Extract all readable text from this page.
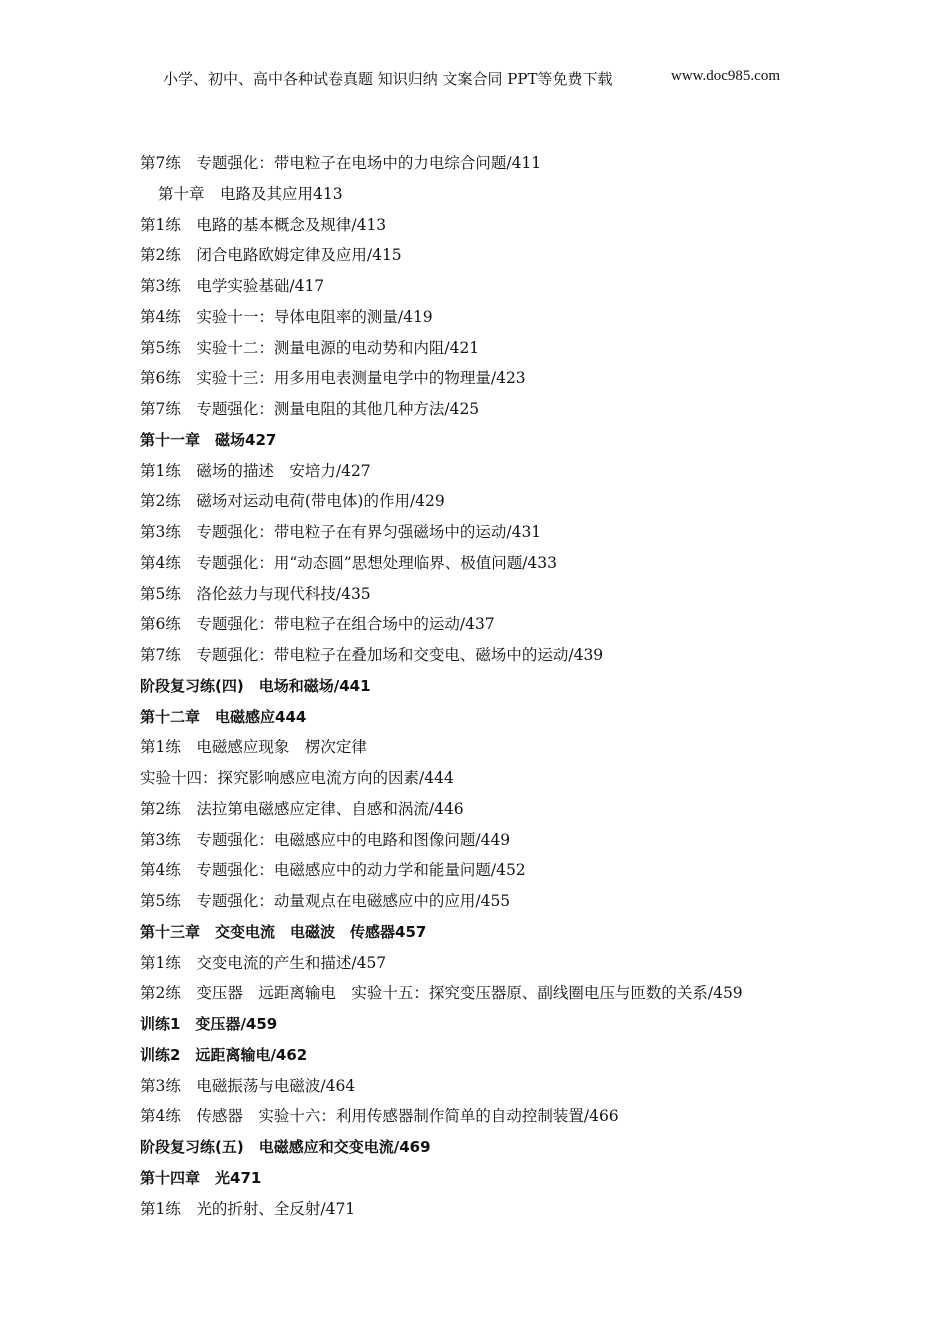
小学、初中、高中各种试卷真题 知识归纳 文案合同 PPT等免费下载	www.doc985.com
第7练　专题强化：带电粒子在电场中的力电综合问题/411
第十章　电路及其应用413
第1练　电路的基本概念及规律/413
第2练　闭合电路欧姆定律及应用/415
第3练　电学实验基础/417
第4练　实验十一：导体电阻率的测量/419
第5练　实验十二：测量电源的电动势和内阻/421
第6练　实验十三：用多用电表测量电学中的物理量/423
第7练　专题强化：测量电阻的其他几种方法/425
第十一章　磁场427
第1练　磁场的描述　安培力/427
第2练　磁场对运动电荷(带电体)的作用/429
第3练　专题强化：带电粒子在有界匀强磁场中的运动/431
第4练　专题强化：用“动态圆”思想处理临界、极值问题/433
第5练　洛伦兹力与现代科技/435
第6练　专题强化：带电粒子在组合场中的运动/437
第7练　专题强化：带电粒子在叠加场和交变电、磁场中的运动/439
阶段复习练(四)　电场和磁场/441
第十二章　电磁感应444
第1练　电磁感应现象　楞次定律
实验十四：探究影响感应电流方向的因素/444
第2练　法拉第电磁感应定律、自感和涡流/446
第3练　专题强化：电磁感应中的电路和图像问题/449
第4练　专题强化：电磁感应中的动力学和能量问题/452
第5练　专题强化：动量观点在电磁感应中的应用/455
第十三章　交变电流　电磁波　传感器457
第1练　交变电流的产生和描述/457
第2练　变压器　远距离输电　实验十五：探究变压器原、副线圈电压与匝数的关系/459
训练1　变压器/459
训练2　远距离输电/462
第3练　电磁振荡与电磁波/464
第4练　传感器　实验十六：利用传感器制作简单的自动控制装置/466
阶段复习练(五)　电磁感应和交变电流/469
第十四章　光471
第1练　光的折射、全反射/471
